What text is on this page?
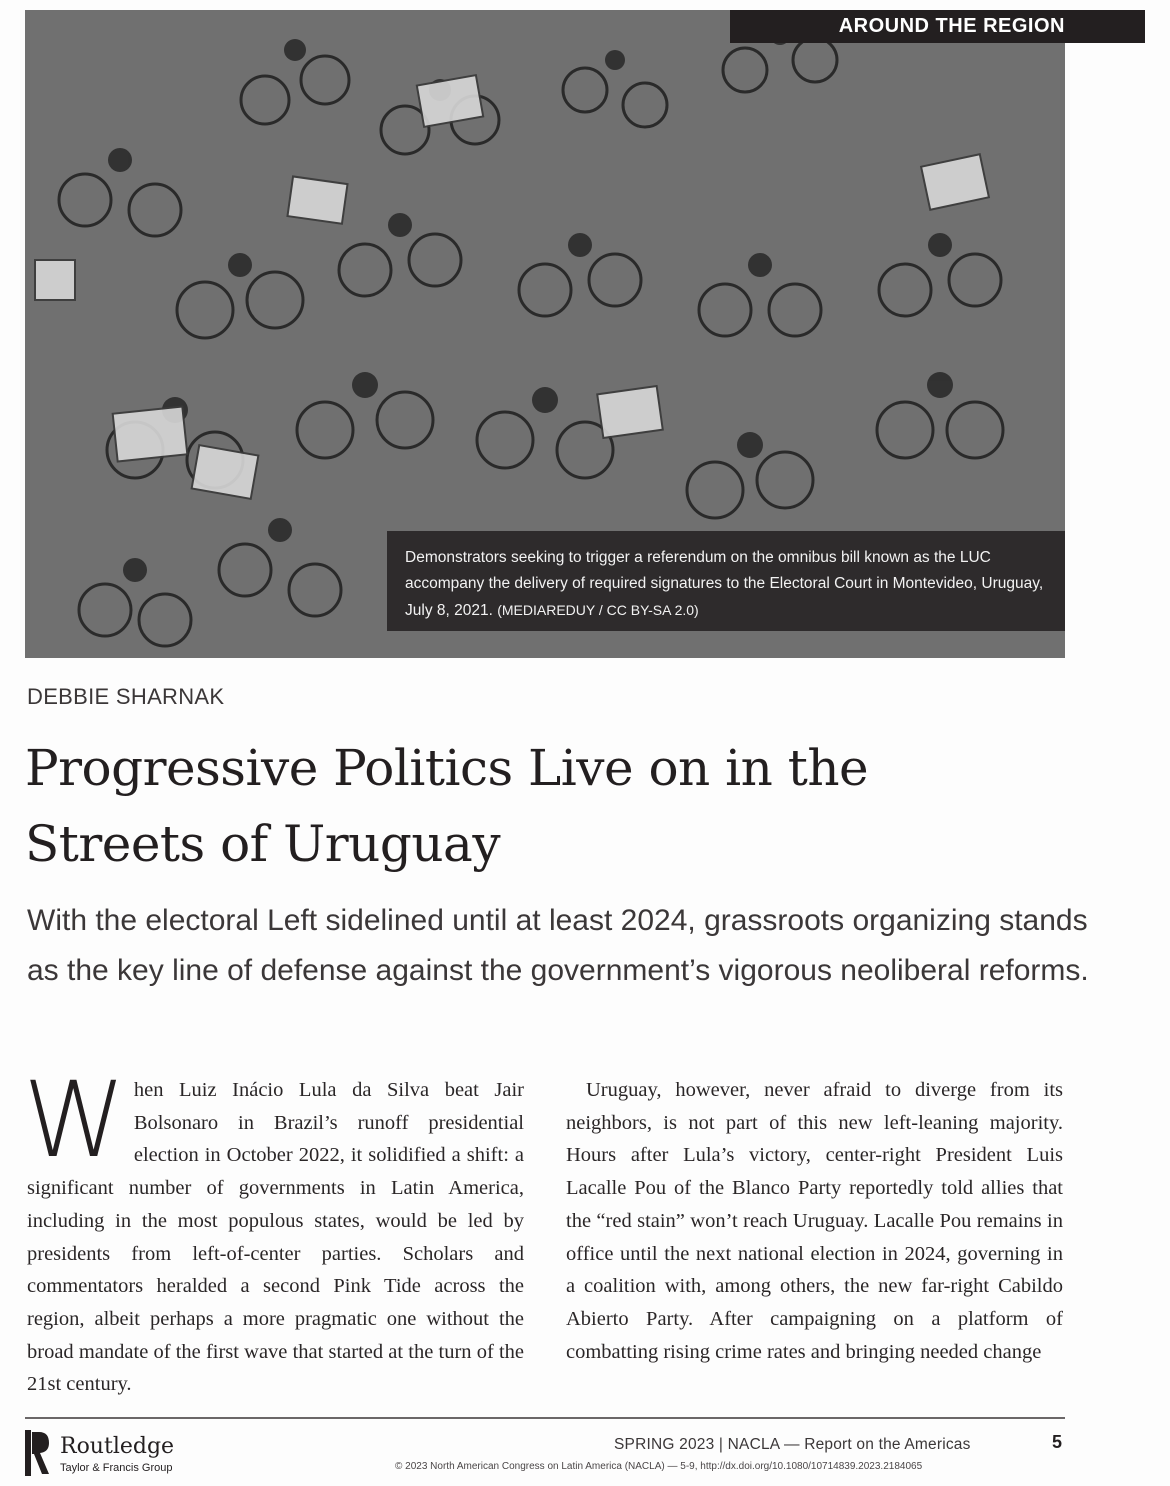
AROUND THE REGION
Demonstrators seeking to trigger a referendum on the omnibus bill known as the LUC accompany the delivery of required signatures to the Electoral Court in Montevideo, Uruguay, July 8, 2021. (MEDIAREDUY / CC BY-SA 2.0)
DEBBIE SHARNAK
Progressive Politics Live on in the
Streets of Uruguay

With the electoral Left sidelined until at least 2024, grassroots organizing stands as the key line of defense against the government’s vigorous neoliberal reforms.

When Luiz Inácio Lula da Silva beat Jair Bolsonaro in Brazil’s runoff presidential election in October 2022, it solidified a shift: a significant number of governments in Latin America, including in the most populous states, would be led by presidents from left-of-center parties. Scholars and commentators heralded a second Pink Tide across the region, albeit perhaps a more pragmatic one without the broad mandate of the first wave that started at the turn of the 21st century.

Uruguay, however, never afraid to diverge from its neighbors, is not part of this new left-leaning majority. Hours after Lula’s victory, center-right President Luis Lacalle Pou of the Blanco Party reportedly told allies that the “red stain” won’t reach Uruguay. Lacalle Pou remains in office until the next national election in 2024, governing in a coalition with, among others, the new far-right Cabildo Abierto Party. After campaigning on a platform of combatting rising crime rates and bringing needed change

Routledge
Taylor & Francis Group
SPRING 2023 | NACLA — Report on the Americas	5
© 2023 North American Congress on Latin America (NACLA) — 5-9, http://dx.doi.org/10.1080/10714839.2023.2184065
